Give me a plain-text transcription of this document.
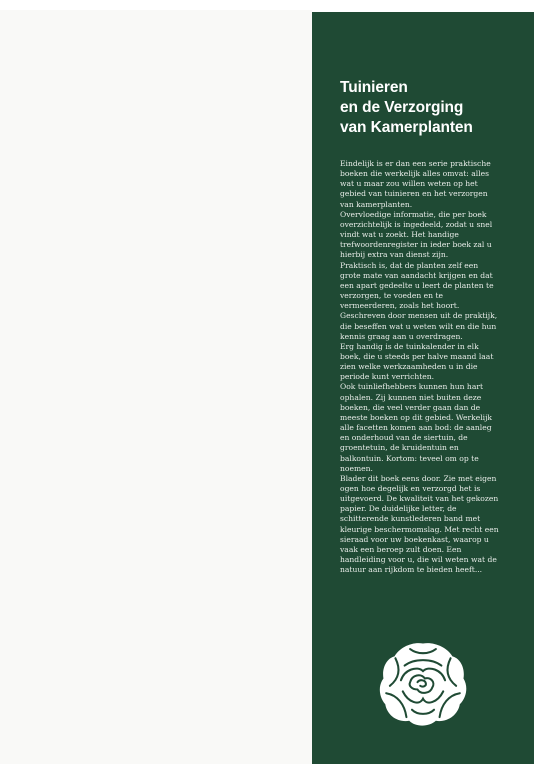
Tuinieren
en de Verzorging
van Kamerplanten
Eindelijk is er dan een serie praktische
boeken die werkelijk alles omvat: alles
wat u maar zou willen weten op het
gebied van tuinieren en het verzorgen
van kamerplanten.
Overvloedige informatie, die per boek
overzichtelijk is ingedeeld, zodat u snel
vindt wat u zoekt. Het handige
trefwoordenregister in ieder boek zal u
hierbij extra van dienst zijn.
Praktisch is, dat de planten zelf een
grote mate van aandacht krijgen en dat
een apart gedeelte u leert de planten te
verzorgen, te voeden en te
vermeerderen, zoals het hoort.
Geschreven door mensen uit de praktijk,
die beseffen wat u weten wilt en die hun
kennis graag aan u overdragen.
Erg handig is de tuinkalender in elk
boek, die u steeds per halve maand laat
zien welke werkzaamheden u in die
periode kunt verrichten.
Ook tuinliefhebbers kunnen hun hart
ophalen. Zij kunnen niet buiten deze
boeken, die veel verder gaan dan de
meeste boeken op dit gebied. Werkelijk
alle facetten komen aan bod: de aanleg
en onderhoud van de siertuin, de
groentetuin, de kruidentuin en
balkontuin. Kortom: teveel om op te
noemen.
Blader dit boek eens door. Zie met eigen
ogen hoe degelijk en verzorgd het is
uitgevoerd. De kwaliteit van het gekozen
papier. De duidelijke letter, de
schitterende kunstlederen band met
kleurige beschermomslag. Met recht een
sieraad voor uw boekenkast, waarop u
vaak een beroep zult doen. Een
handleiding voor u, die wil weten wat de
natuur aan rijkdom te bieden heeft...
